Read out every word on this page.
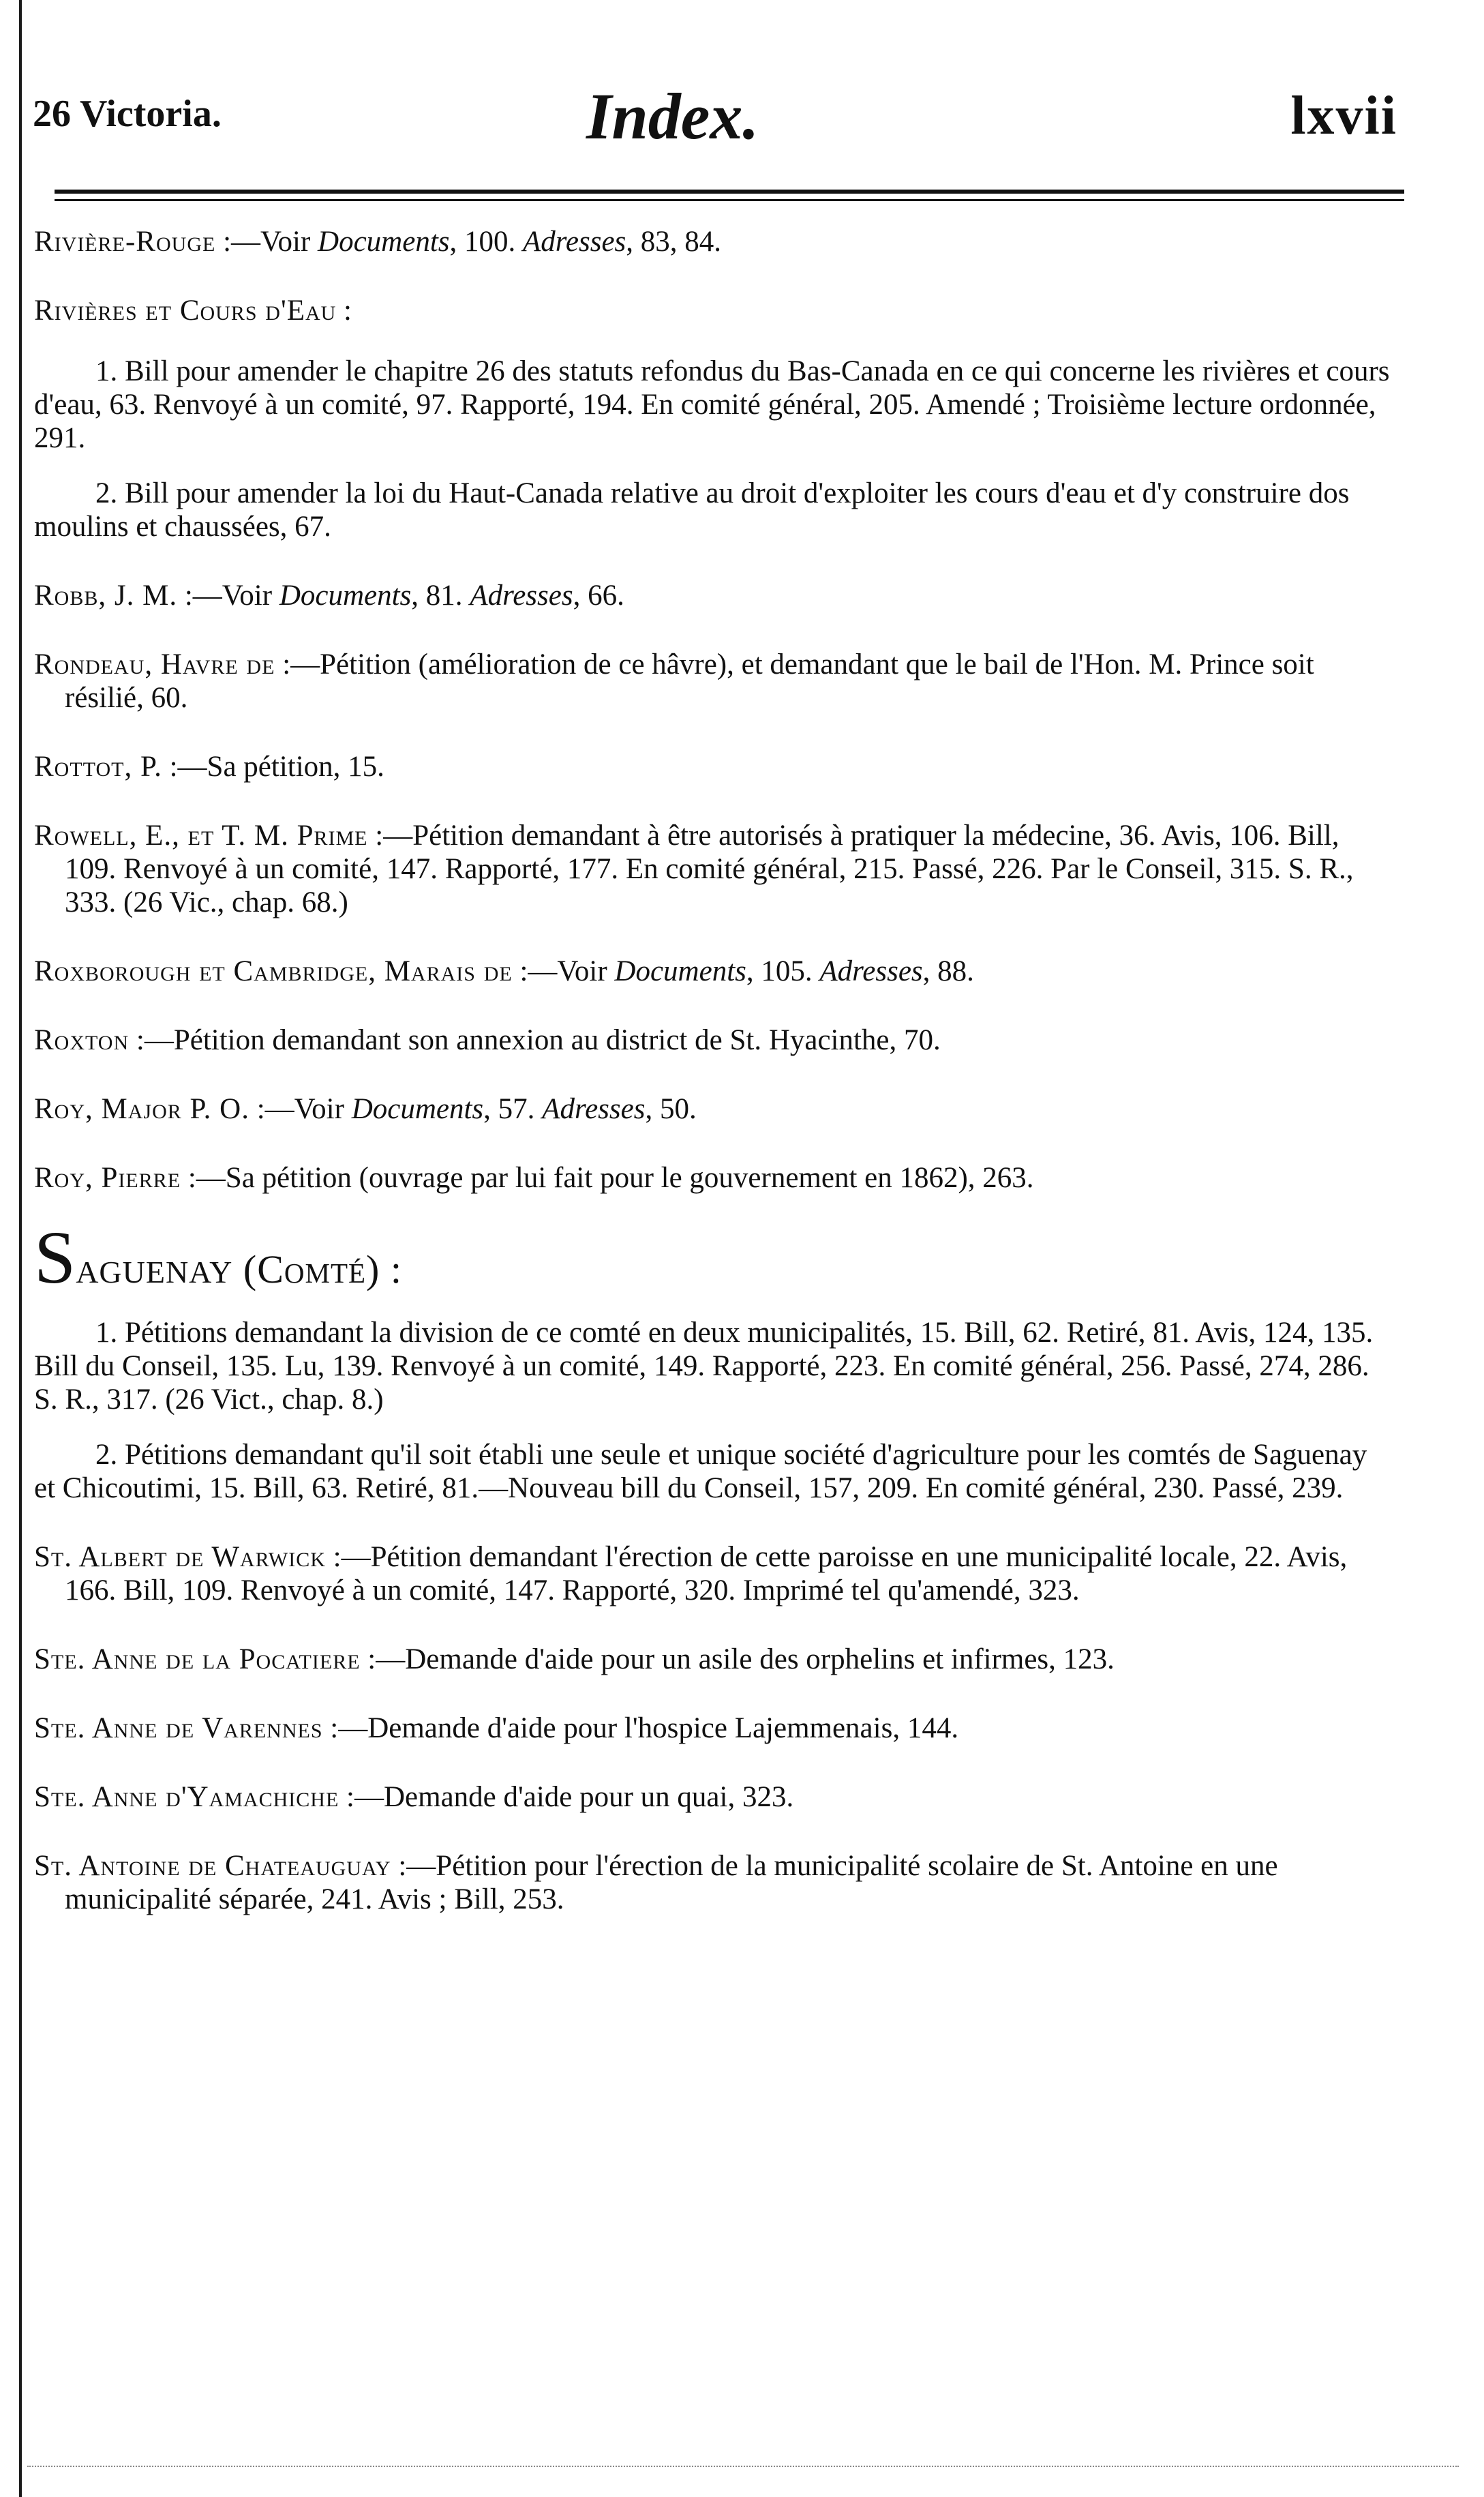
26 Victoria.	Index.	lxvii
Rivière-Rouge :—Voir Documents, 100. Adresses, 83, 84.
Rivières et Cours d'Eau :
1. Bill pour amender le chapitre 26 des statuts refondus du Bas-Canada en ce qui concerne les rivières et cours d'eau, 63. Renvoyé à un comité, 97. Rapporté, 194. En comité général, 205. Amendé ; Troisième lecture ordonnée, 291.
2. Bill pour amender la loi du Haut-Canada relative au droit d'exploiter les cours d'eau et d'y construire dos moulins et chaussées, 67.
Robb, J. M. :—Voir Documents, 81. Adresses, 66.
Rondeau, Havre de :—Pétition (amélioration de ce hâvre), et demandant que le bail de l'Hon. M. Prince soit résilié, 60.
Rottot, P. :—Sa pétition, 15.
Rowell, E., et T. M. Prime :—Pétition demandant à être autorisés à pratiquer la médecine, 36. Avis, 106. Bill, 109. Renvoyé à un comité, 147. Rapporté, 177. En comité général, 215. Passé, 226. Par le Conseil, 315. S. R., 333. (26 Vic., chap. 68.)
Roxborough et Cambridge, Marais de :—Voir Documents, 105. Adresses, 88.
Roxton :—Pétition demandant son annexion au district de St. Hyacinthe, 70.
Roy, Major P. O. :—Voir Documents, 57. Adresses, 50.
Roy, Pierre :—Sa pétition (ouvrage par lui fait pour le gouvernement en 1862), 263.
SAGUENAY (Comté) :
1. Pétitions demandant la division de ce comté en deux municipalités, 15. Bill, 62. Retiré, 81. Avis, 124, 135. Bill du Conseil, 135. Lu, 139. Renvoyé à un comité, 149. Rapporté, 223. En comité général, 256. Passé, 274, 286. S. R., 317. (26 Vict., chap. 8.)
2. Pétitions demandant qu'il soit établi une seule et unique société d'agriculture pour les comtés de Saguenay et Chicoutimi, 15. Bill, 63. Retiré, 81.—Nouveau bill du Conseil, 157, 209. En comité général, 230. Passé, 239.
St. Albert de Warwick :—Pétition demandant l'érection de cette paroisse en une municipalité locale, 22. Avis, 166. Bill, 109. Renvoyé à un comité, 147. Rapporté, 320. Imprimé tel qu'amendé, 323.
Ste. Anne de la Pocatiere :—Demande d'aide pour un asile des orphelins et infirmes, 123.
Ste. Anne de Varennes :—Demande d'aide pour l'hospice Lajemmenais, 144.
Ste. Anne d'Yamachiche :—Demande d'aide pour un quai, 323.
St. Antoine de Chateauguay :—Pétition pour l'érection de la municipalité scolaire de St. Antoine en une municipalité séparée, 241. Avis ; Bill, 253.
